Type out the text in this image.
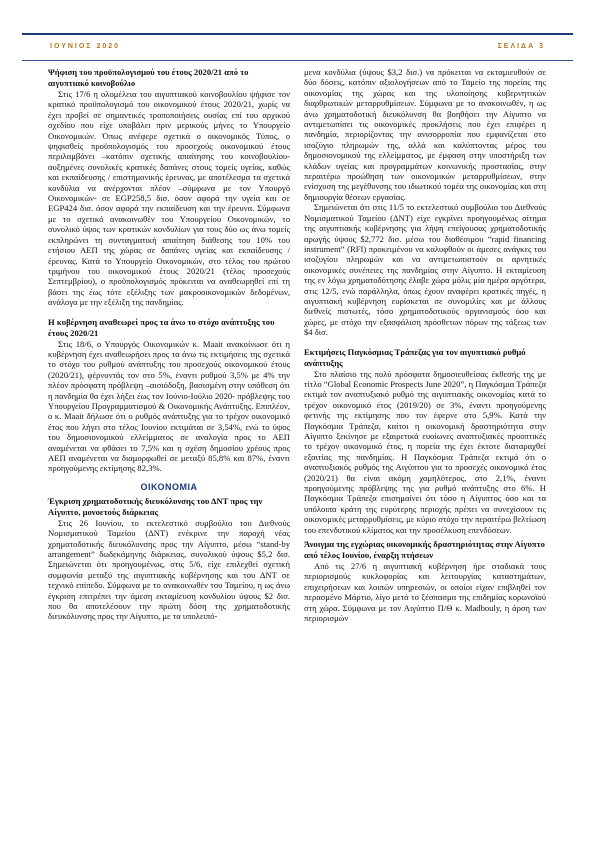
ΙΟΥΝΙΟΣ 2020	ΣΕΛΙΔΑ 3
Ψήφιση του προϋπολογισμού του έτους 2020/21 από το αιγυπτιακό κοινοβούλιο

Στις 17/6 η ολομέλεια του αιγυπτιακού κοινοβουλίου ψήφισε τον κρατικό προϋπολογισμό του οικονομικού έτους 2020/21, χωρίς να έχει προβεί σε σημαντικές τροποποιήσεις ουσίας επί του αρχικού σχεδίου που είχε υποβάλει πριν μερικούς μήνες το Υπουργείο Οικονομικών. Όπως ανέφερε σχετικά ο οικονομικός Τύπος, ο ψηφισθείς προϋπολογισμός του προσεχούς οικονομικού έτους περιλαμβάνει –κατόπιν σχετικής απαίτησης του κοινοβουλίου- αυξημένες συνολικές κρατικές δαπάνες στους τομείς υγείας, καθώς και εκπαίδευσης / επιστημονικής έρευνας, με αποτέλεσμα τα σχετικά κονδύλια να ανέρχονται πλέον –σύμφωνα με τον Υπουργό Οικονομικών- σε EGP258,5 δισ. όσον αφορά την υγεία και σε EGP424 δισ. όσον αφορά την εκπαίδευση και την έρευνα. Σύμφωνα με το σχετικό ανακοινωθέν του Υπουργείου Οικονομικών, το συνολικό ύψος των κρατικών κονδυλίων για τους δύο ως άνω τομείς εκπληρώνει τη συνταγματική απαίτηση διάθεσης του 10% του ετήσιου ΑΕΠ της χώρας σε δαπάνες υγείας και εκπαίδευσης / έρευνας. Κατά το Υπουργείο Οικονομικών, στο τέλος του πρώτου τριμήνου του οικονομικού έτους 2020/21 (τέλος προσεχούς Σεπτεμβρίου), ο προϋπολογισμός πρόκειται να αναθεωρηθεί επί τη βάσει της έως τότε εξέλιξης των μακροοικονομικών δεδομένων, ανάλογα με την εξέλιξη της πανδημίας.

Η κυβέρνηση αναθεωρεί προς τα άνω το στόχο ανάπτυξης του έτους 2020/21

Στις 18/6, ο Υπουργός Οικονομικών κ. Maait ανακοίνωσε ότι η κυβέρνηση έχει αναθεωρήσει προς τα άνω τις εκτιμήσεις της σχετικά το στόχο του ρυθμού ανάπτυξης του προσεχούς οικονομικού έτους (2020/21), φέρνοντάς τον στο 5%, έναντι ρυθμού 3,5% με 4% την πλέον πρόσφατη πρόβλεψη –αισιόδοξη, βασισμένη στην υπόθεση ότι η πανδημία θα έχει λήξει έως τον Ιούνιο-Ιούλιο 2020- πρόβλεψης του Υπουργείου Προγραμματισμού & Οικονομικής Ανάπτυξης. Επιπλέον, ο κ. Maait δήλωσε ότι ο ρυθμός ανάπτυξης για το τρέχον οικονομικό έτος που λήγει στο τέλος Ιουνίου εκτιμάται σε 3,54%, ενώ το ύψος του δημοσιονομικού ελλείμματος σε αναλογία προς το ΑΕΠ αναμένεται να φθάσει το 7,5% και η σχέση δημοσίου χρέους προς ΑΕΠ αναμένεται να διαμορφωθεί σε μεταξύ 85,8% και 87%, έναντι προηγούμενης εκτίμησης 82,3%.

ΟΙΚΟΝΟΜΙΑ
Έγκριση χρηματοδοτικής διευκόλυνσης του ΔΝΤ προς την Αίγυπτο, μονοετούς διάρκειας

Στις 26 Ιουνίου, το εκτελεστικό συμβούλιο του Διεθνούς Νομισματικού Ταμείου (ΔΝΤ) ενέκρινε την παροχή νέας χρηματοδοτικής διευκόλυνσης προς την Αίγυπτο, μέσω “stand-by arrangement” δωδεκάμηνης διάρκειας, συνολικού ύψους $5,2 δισ. Σημειώνεται ότι προηγουμένως, στις 5/6, είχε επιλεχθεί σχετική συμφωνία μεταξύ της αιγυπτιακής κυβέρνησης και του ΔΝΤ σε τεχνικό επίπεδο. Σύμφωνα με το ανακοινωθέν του Ταμείου, η ως άνω έγκριση επιτρέπει την άμεση εκταμίευση κονδυλίου ύψους $2 δισ. που θα αποτελέσουν την πρώτη δόση της χρηματοδοτικής διευκόλυνσης προς την Αίγυπτο, με τα υπολειπό-

μενα κονδύλια (ύψους $3,2 δισ.) να πρόκειται να εκταμιευθούν σε δύο δόσεις, κατόπιν αξιολογήσεων από το Ταμείο της πορείας της οικονομίας της χώρας και της υλοποίησης κυβερνητικών διαρθρωτικών μεταρρυθμίσεων. Σύμφωνα με το ανακοινωθέν, η ως άνω χρηματοδοτική διευκόλυνση θα βοηθήσει την Αίγυπτο να αντιμετωπίσει τις οικονομικές προκλήσεις που έχει επιφέρει η πανδημία, περιορίζοντας την ανισορροπία που εμφανίζεται στο ισοζύγιο πληρωμών της, αλλά και καλύπτοντας μέρος του δημοσιονομικού της ελλείμματος, με έμφαση στην υποστήριξη των κλάδων υγείας και προγραμμάτων κοινωνικής προστασίας, στην περαιτέρω προώθηση των οικονομικών μεταρρυθμίσεων, στην ενίσχυση της μεγέθυνσης του ιδιωτικού τομέα της οικονομίας και στη δημιουργία θέσεων εργασίας.

Σημειώνεται ότι στις 11/5 το εκτελεστικό συμβούλιο του Διεθνούς Νομισματικού Ταμείου (ΔΝΤ) είχε εγκρίνει προηγουμένως αίτημα της αιγυπτιακής κυβέρνησης για λήψη επείγουσας χρηματοδοτικής αρωγής ύψους $2,772 δισ. μέσω του διαθέσιμου “rapid financing instrument” (RFI) προκειμένου να καλυφθούν οι άμεσες ανάγκες του ισοζυγίου πληρωμών και να αντιμετωπιστούν οι αρνητικές οικονομικές συνέπειες της πανδημίας στην Αίγυπτο. Η εκταμίευση της εν λόγω χρηματοδότησης έλαβε χώρα μόλις μία ημέρα αργότερα, στις 12/5, ενώ παράλληλα, όπως έχουν αναφέρει κρατικές πηγές, η αιγυπτιακή κυβέρνηση ευρίσκεται σε συνομιλίες και με άλλους διεθνείς πιστωτές, τόσο χρηματοδοτικούς οργανισμούς όσο και χώρες, με στόχο την εξασφάλιση πρόσθετων πόρων της τάξεως των $4 δισ.

Εκτιμήσεις Παγκόσμιας Τράπεζας για τον αιγυπτιακό ρυθμό ανάπτυξης

Στο πλαίσιο της πολύ πρόσφατα δημοσιευθείσας έκθεσής της με τίτλο “Global Economic Prospects June 2020”, η Παγκόσμια Τράπεζα εκτιμά τον αναπτυξιακό ρυθμό της αιγυπτιακής οικονομίας κατά το τρέχον οικονομικό έτος (2019/20) σε 3%, έναντι προηγούμενης φετινής της εκτίμησης που τον έφερνε στο 5,9%. Κατά την Παγκόσμια Τράπεζα, καίτοι η οικονομική δραστηριότητα στην Αίγυπτο ξεκίνησε με εξαιρετικά ευοίωνες αναπτυξιακές προοπτικές το τρέχον οικονομικό έτος, η πορεία της έχει έκτοτε διαταραχθεί εξαιτίας της πανδημίας. Η Παγκόσμια Τράπεζα εκτιμά ότι ο αναπτυξιακός ρυθμός της Αιγύπτου για το προσεχές οικονομικό έτος (2020/21) θα είναι ακόμη χαμηλότερος, στο 2,1%, έναντι προηγούμενης πρόβλεψης της για ρυθμό ανάπτυξης στο 6%. Η Παγκόσμια Τράπεζα επισημαίνει ότι τόσο η Αίγυπτος όσο και τα υπόλοιπα κράτη της ευρύτερης περιοχής πρέπει να συνεχίσουν τις οικονομικές μεταρρυθμίσεις, με κύριο στόχο την περαιτέρω βελτίωση του επενδυτικού κλίματος και την προσέλκυση επενδύσεων.

Άνοιγμα της εγχώριας οικονομικής δραστηριότητας στην Αίγυπτο από τέλος Ιουνίου, έναρξη πτήσεων

Από τις 27/6 η αιγυπτιακή κυβέρνηση ήρε σταδιακά τους περιορισμούς κυκλοφορίας και λειτουργίας καταστημάτων, επιχειρήσεων και λοιπών υπηρεσιών, οι οποίοι είχαν επιβληθεί τον περασμένο Μάρτιο, λίγο μετά το ξέσπασμα της επιδημίας κορωνοϊού στη χώρα. Σύμφωνα με τον Αιγύπτιο Π/Θ κ. Madbouly, η άρση των περιορισμών
